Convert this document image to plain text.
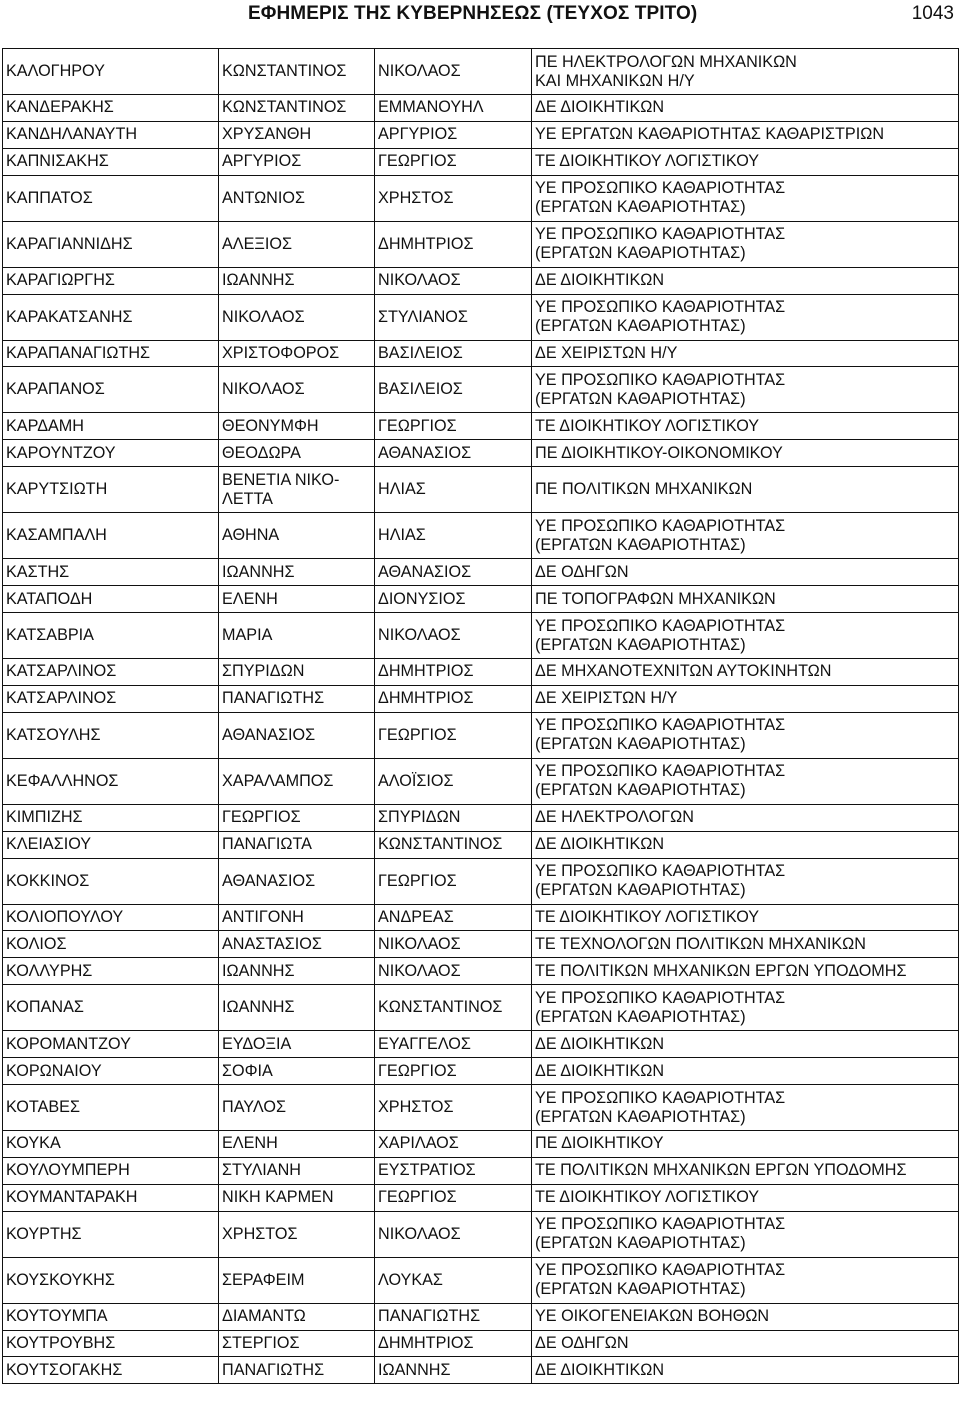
ΕΦΗΜΕΡΙΣ ΤΗΣ ΚΥΒΕΡΝΗΣΕΩΣ (ΤΕΥΧΟΣ ΤΡΙΤΟ)	1043
ΚΑΛΟΓΗΡΟΥ	ΚΩΝΣΤΑΝΤΙΝΟΣ	ΝΙΚΟΛΑΟΣ	ΠΕ ΗΛΕΚΤΡΟΛΟΓΩΝ ΜΗΧΑΝΙΚΩΝ
ΚΑΙ ΜΗΧΑΝΙΚΩΝ Η/Υ
ΚΑΝΔΕΡΑΚΗΣ	ΚΩΝΣΤΑΝΤΙΝΟΣ	ΕΜΜΑΝΟΥΗΛ	ΔΕ ΔΙΟΙΚΗΤΙΚΩΝ
ΚΑΝΔΗΛΑΝΑΥΤΗ	ΧΡΥΣΑΝΘΗ	ΑΡΓΥΡΙΟΣ	ΥΕ ΕΡΓΑΤΩΝ ΚΑΘΑΡΙΟΤΗΤΑΣ ΚΑΘΑΡΙΣΤΡΙΩΝ
ΚΑΠΝΙΣΑΚΗΣ	ΑΡΓΥΡΙΟΣ	ΓΕΩΡΓΙΟΣ	ΤΕ ΔΙΟΙΚΗΤΙΚΟΥ ΛΟΓΙΣΤΙΚΟΥ
ΚΑΠΠΑΤΟΣ	ΑΝΤΩΝΙΟΣ	ΧΡΗΣΤΟΣ	ΥΕ ΠΡΟΣΩΠΙΚΟ ΚΑΘΑΡΙΟΤΗΤΑΣ
(ΕΡΓΑΤΩΝ ΚΑΘΑΡΙΟΤΗΤΑΣ)
ΚΑΡΑΓΙΑΝΝΙΔΗΣ	ΑΛΕΞΙΟΣ	ΔΗΜΗΤΡΙΟΣ	ΥΕ ΠΡΟΣΩΠΙΚΟ ΚΑΘΑΡΙΟΤΗΤΑΣ
(ΕΡΓΑΤΩΝ ΚΑΘΑΡΙΟΤΗΤΑΣ)
ΚΑΡΑΓΙΩΡΓΗΣ	ΙΩΑΝΝΗΣ	ΝΙΚΟΛΑΟΣ	ΔΕ ΔΙΟΙΚΗΤΙΚΩΝ
ΚΑΡΑΚΑΤΣΑΝΗΣ	ΝΙΚΟΛΑΟΣ	ΣΤΥΛΙΑΝΟΣ	ΥΕ ΠΡΟΣΩΠΙΚΟ ΚΑΘΑΡΙΟΤΗΤΑΣ
(ΕΡΓΑΤΩΝ ΚΑΘΑΡΙΟΤΗΤΑΣ)
ΚΑΡΑΠΑΝΑΓΙΩΤΗΣ	ΧΡΙΣΤΟΦΟΡΟΣ	ΒΑΣΙΛΕΙΟΣ	ΔΕ ΧΕΙΡΙΣΤΩΝ Η/Υ
ΚΑΡΑΠΑΝΟΣ	ΝΙΚΟΛΑΟΣ	ΒΑΣΙΛΕΙΟΣ	ΥΕ ΠΡΟΣΩΠΙΚΟ ΚΑΘΑΡΙΟΤΗΤΑΣ
(ΕΡΓΑΤΩΝ ΚΑΘΑΡΙΟΤΗΤΑΣ)
ΚΑΡΔΑΜΗ	ΘΕΟΝΥΜΦΗ	ΓΕΩΡΓΙΟΣ	ΤΕ ΔΙΟΙΚΗΤΙΚΟΥ ΛΟΓΙΣΤΙΚΟΥ
ΚΑΡΟΥΝΤΖΟΥ	ΘΕΟΔΩΡΑ	ΑΘΑΝΑΣΙΟΣ	ΠΕ ΔΙΟΙΚΗΤΙΚΟΥ-ΟΙΚΟΝΟΜΙΚΟΥ
ΚΑΡΥΤΣΙΩΤΗ	ΒΕΝΕΤΙΑ ΝΙΚΟ-
ΛΕΤΤΑ	ΗΛΙΑΣ	ΠΕ ΠΟΛΙΤΙΚΩΝ ΜΗΧΑΝΙΚΩΝ
ΚΑΣΑΜΠΑΛΗ	ΑΘΗΝΑ	ΗΛΙΑΣ	ΥΕ ΠΡΟΣΩΠΙΚΟ ΚΑΘΑΡΙΟΤΗΤΑΣ
(ΕΡΓΑΤΩΝ ΚΑΘΑΡΙΟΤΗΤΑΣ)
ΚΑΣΤΗΣ	ΙΩΑΝΝΗΣ	ΑΘΑΝΑΣΙΟΣ	ΔΕ ΟΔΗΓΩΝ
ΚΑΤΑΠΟΔΗ	ΕΛΕΝΗ	ΔΙΟΝΥΣΙΟΣ	ΠΕ ΤΟΠΟΓΡΑΦΩΝ ΜΗΧΑΝΙΚΩΝ
ΚΑΤΣΑΒΡΙΑ	ΜΑΡΙΑ	ΝΙΚΟΛΑΟΣ	ΥΕ ΠΡΟΣΩΠΙΚΟ ΚΑΘΑΡΙΟΤΗΤΑΣ
(ΕΡΓΑΤΩΝ ΚΑΘΑΡΙΟΤΗΤΑΣ)
ΚΑΤΣΑΡΛΙΝΟΣ	ΣΠΥΡΙΔΩΝ	ΔΗΜΗΤΡΙΟΣ	ΔΕ ΜΗΧΑΝΟΤΕΧΝΙΤΩΝ ΑΥΤΟΚΙΝΗΤΩΝ
ΚΑΤΣΑΡΛΙΝΟΣ	ΠΑΝΑΓΙΩΤΗΣ	ΔΗΜΗΤΡΙΟΣ	ΔΕ ΧΕΙΡΙΣΤΩΝ Η/Υ
ΚΑΤΣΟΥΛΗΣ	ΑΘΑΝΑΣΙΟΣ	ΓΕΩΡΓΙΟΣ	ΥΕ ΠΡΟΣΩΠΙΚΟ ΚΑΘΑΡΙΟΤΗΤΑΣ
(ΕΡΓΑΤΩΝ ΚΑΘΑΡΙΟΤΗΤΑΣ)
ΚΕΦΑΛΛΗΝΟΣ	ΧΑΡΑΛΑΜΠΟΣ	ΑΛΟΪΣΙΟΣ	ΥΕ ΠΡΟΣΩΠΙΚΟ ΚΑΘΑΡΙΟΤΗΤΑΣ
(ΕΡΓΑΤΩΝ ΚΑΘΑΡΙΟΤΗΤΑΣ)
ΚΙΜΠΙΖΗΣ	ΓΕΩΡΓΙΟΣ	ΣΠΥΡΙΔΩΝ	ΔΕ ΗΛΕΚΤΡΟΛΟΓΩΝ
ΚΛΕΙΑΣΙΟΥ	ΠΑΝΑΓΙΩΤΑ	ΚΩΝΣΤΑΝΤΙΝΟΣ	ΔΕ ΔΙΟΙΚΗΤΙΚΩΝ
ΚΟΚΚΙΝΟΣ	ΑΘΑΝΑΣΙΟΣ	ΓΕΩΡΓΙΟΣ	ΥΕ ΠΡΟΣΩΠΙΚΟ ΚΑΘΑΡΙΟΤΗΤΑΣ
(ΕΡΓΑΤΩΝ ΚΑΘΑΡΙΟΤΗΤΑΣ)
ΚΟΛΙΟΠΟΥΛΟΥ	ΑΝΤΙΓΟΝΗ	ΑΝΔΡΕΑΣ	ΤΕ ΔΙΟΙΚΗΤΙΚΟΥ ΛΟΓΙΣΤΙΚΟΥ
ΚΟΛΙΟΣ	ΑΝΑΣΤΑΣΙΟΣ	ΝΙΚΟΛΑΟΣ	ΤΕ ΤΕΧΝΟΛΟΓΩΝ ΠΟΛΙΤΙΚΩΝ ΜΗΧΑΝΙΚΩΝ
ΚΟΛΛΥΡΗΣ	ΙΩΑΝΝΗΣ	ΝΙΚΟΛΑΟΣ	ΤΕ ΠΟΛΙΤΙΚΩΝ ΜΗΧΑΝΙΚΩΝ ΕΡΓΩΝ ΥΠΟΔΟΜΗΣ
ΚΟΠΑΝΑΣ	ΙΩΑΝΝΗΣ	ΚΩΝΣΤΑΝΤΙΝΟΣ	ΥΕ ΠΡΟΣΩΠΙΚΟ ΚΑΘΑΡΙΟΤΗΤΑΣ
(ΕΡΓΑΤΩΝ ΚΑΘΑΡΙΟΤΗΤΑΣ)
ΚΟΡΟΜΑΝΤΖΟΥ	ΕΥΔΟΞΙΑ	ΕΥΑΓΓΕΛΟΣ	ΔΕ ΔΙΟΙΚΗΤΙΚΩΝ
ΚΟΡΩΝΑΙΟΥ	ΣΟΦΙΑ	ΓΕΩΡΓΙΟΣ	ΔΕ ΔΙΟΙΚΗΤΙΚΩΝ
ΚΟΤΑΒΕΣ	ΠΑΥΛΟΣ	ΧΡΗΣΤΟΣ	ΥΕ ΠΡΟΣΩΠΙΚΟ ΚΑΘΑΡΙΟΤΗΤΑΣ
(ΕΡΓΑΤΩΝ ΚΑΘΑΡΙΟΤΗΤΑΣ)
ΚΟΥΚΑ	ΕΛΕΝΗ	ΧΑΡΙΛΑΟΣ	ΠΕ ΔΙΟΙΚΗΤΙΚΟΥ
ΚΟΥΛΟΥΜΠΕΡΗ	ΣΤΥΛΙΑΝΗ	ΕΥΣΤΡΑΤΙΟΣ	ΤΕ ΠΟΛΙΤΙΚΩΝ ΜΗΧΑΝΙΚΩΝ ΕΡΓΩΝ ΥΠΟΔΟΜΗΣ
ΚΟΥΜΑΝΤΑΡΑΚΗ	ΝΙΚΗ ΚΑΡΜΕΝ	ΓΕΩΡΓΙΟΣ	ΤΕ ΔΙΟΙΚΗΤΙΚΟΥ ΛΟΓΙΣΤΙΚΟΥ
ΚΟΥΡΤΗΣ	ΧΡΗΣΤΟΣ	ΝΙΚΟΛΑΟΣ	ΥΕ ΠΡΟΣΩΠΙΚΟ ΚΑΘΑΡΙΟΤΗΤΑΣ
(ΕΡΓΑΤΩΝ ΚΑΘΑΡΙΟΤΗΤΑΣ)
ΚΟΥΣΚΟΥΚΗΣ	ΣΕΡΑΦΕΙΜ	ΛΟΥΚΑΣ	ΥΕ ΠΡΟΣΩΠΙΚΟ ΚΑΘΑΡΙΟΤΗΤΑΣ
(ΕΡΓΑΤΩΝ ΚΑΘΑΡΙΟΤΗΤΑΣ)
ΚΟΥΤΟΥΜΠΑ	ΔΙΑΜΑΝΤΩ	ΠΑΝΑΓΙΩΤΗΣ	ΥΕ ΟΙΚΟΓΕΝΕΙΑΚΩΝ ΒΟΗΘΩΝ
ΚΟΥΤΡΟΥΒΗΣ	ΣΤΕΡΓΙΟΣ	ΔΗΜΗΤΡΙΟΣ	ΔΕ ΟΔΗΓΩΝ
ΚΟΥΤΣΟΓΑΚΗΣ	ΠΑΝΑΓΙΩΤΗΣ	ΙΩΑΝΝΗΣ	ΔΕ ΔΙΟΙΚΗΤΙΚΩΝ
